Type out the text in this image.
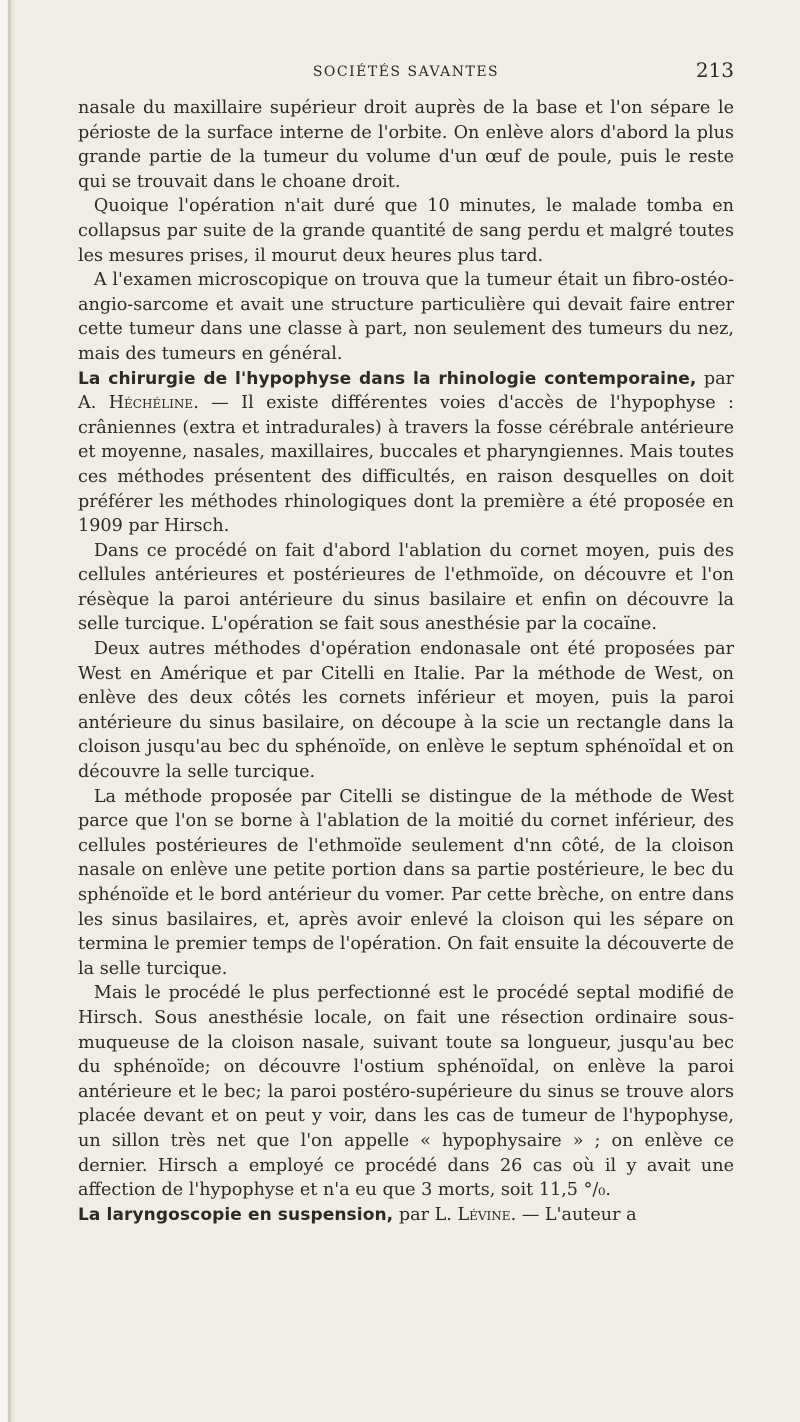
SOCIÉTÉS SAVANTES	213

nasale du maxillaire supérieur droit auprès de la base et l'on sépare le périoste de la surface interne de l'orbite. On enlève alors d'abord la plus grande partie de la tumeur du volume d'un œuf de poule, puis le reste qui se trouvait dans le choane droit.

Quoique l'opération n'ait duré que 10 minutes, le malade tomba en collapsus par suite de la grande quantité de sang perdu et malgré toutes les mesures prises, il mourut deux heures plus tard.

A l'examen microscopique on trouva que la tumeur était un fibro-ostéo-angio-sarcome et avait une structure particulière qui devait faire entrer cette tumeur dans une classe à part, non seulement des tumeurs du nez, mais des tumeurs en général.

La chirurgie de l'hypophyse dans la rhinologie contemporaine, par A. Héchéline. — Il existe différentes voies d'accès de l'hypophyse : crâniennes (extra et intradurales) à travers la fosse cérébrale antérieure et moyenne, nasales, maxillaires, buccales et pharyngiennes. Mais toutes ces méthodes présentent des difficultés, en raison desquelles on doit préférer les méthodes rhinologiques dont la première a été proposée en 1909 par Hirsch.

Dans ce procédé on fait d'abord l'ablation du cornet moyen, puis des cellules antérieures et postérieures de l'ethmoïde, on découvre et l'on résèque la paroi antérieure du sinus basilaire et enfin on découvre la selle turcique. L'opération se fait sous anesthésie par la cocaïne.

Deux autres méthodes d'opération endonasale ont été proposées par West en Amérique et par Citelli en Italie. Par la méthode de West, on enlève des deux côtés les cornets inférieur et moyen, puis la paroi antérieure du sinus basilaire, on découpe à la scie un rectangle dans la cloison jusqu'au bec du sphénoïde, on enlève le septum sphénoïdal et on découvre la selle turcique.

La méthode proposée par Citelli se distingue de la méthode de West parce que l'on se borne à l'ablation de la moitié du cornet inférieur, des cellules postérieures de l'ethmoïde seulement d'nn côté, de la cloison nasale on enlève une petite portion dans sa partie postérieure, le bec du sphénoïde et le bord antérieur du vomer. Par cette brèche, on entre dans les sinus basilaires, et, après avoir enlevé la cloison qui les sépare on termina le premier temps de l'opération. On fait ensuite la découverte de la selle turcique.

Mais le procédé le plus perfectionné est le procédé septal modifié de Hirsch. Sous anesthésie locale, on fait une résection ordinaire sous-muqueuse de la cloison nasale, suivant toute sa longueur, jusqu'au bec du sphénoïde; on découvre l'ostium sphénoïdal, on enlève la paroi antérieure et le bec; la paroi postéro-supérieure du sinus se trouve alors placée devant et on peut y voir, dans les cas de tumeur de l'hypophyse, un sillon très net que l'on appelle « hypophysaire » ; on enlève ce dernier. Hirsch a employé ce procédé dans 26 cas où il y avait une affection de l'hypophyse et n'a eu que 3 morts, soit 11,5 °/₀.

La laryngoscopie en suspension, par L. Lévine. — L'auteur a
